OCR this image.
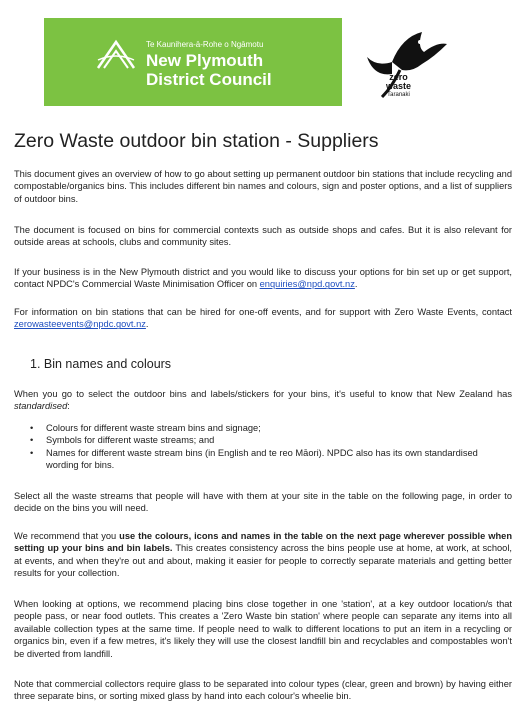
Te Kaunihera-ā-Rohe o Ngāmotu
New Plymouth
District Council	zero
waste
Taranaki
Zero Waste outdoor bin station - Suppliers

This document gives an overview of how to go about setting up permanent outdoor bin stations that include recycling and compostable/organics bins. This includes different bin names and colours, sign and poster options, and a list of suppliers of outdoor bins.

The document is focused on bins for commercial contexts such as outside shops and cafes. But it is also relevant for outside areas at schools, clubs and community sites.

If your business is in the New Plymouth district and you would like to discuss your options for bin set up or get support, contact NPDC's Commercial Waste Minimisation Officer on enquiries@npd.govt.nz.

For information on bin stations that can be hired for one-off events, and for support with Zero Waste Events, contact zerowasteevents@npdc.govt.nz.

1. Bin names and colours

When you go to select the outdoor bins and labels/stickers for your bins, it's useful to know that New Zealand has standardised:

• Colours for different waste stream bins and signage;
• Symbols for different waste streams; and
• Names for different waste stream bins (in English and te reo Māori). NPDC also has its own standardised wording for bins.

Select all the waste streams that people will have with them at your site in the table on the following page, in order to decide on the bins you will need.

We recommend that you use the colours, icons and names in the table on the next page wherever possible when setting up your bins and bin labels. This creates consistency across the bins people use at home, at work, at school, at events, and when they're out and about, making it easier for people to correctly separate materials and getting better results for your collection.

When looking at options, we recommend placing bins close together in one 'station', at a key outdoor location/s that people pass, or near food outlets. This creates a 'Zero Waste bin station' where people can separate any items into all available collection types at the same time. If people need to walk to different locations to put an item in a recycling or organics bin, even if a few metres, it's likely they will use the closest landfill bin and recyclables and compostables won't be diverted from landfill.

Note that commercial collectors require glass to be separated into colour types (clear, green and brown) by having either three separate bins, or sorting mixed glass by hand into each colour's wheelie bin.
